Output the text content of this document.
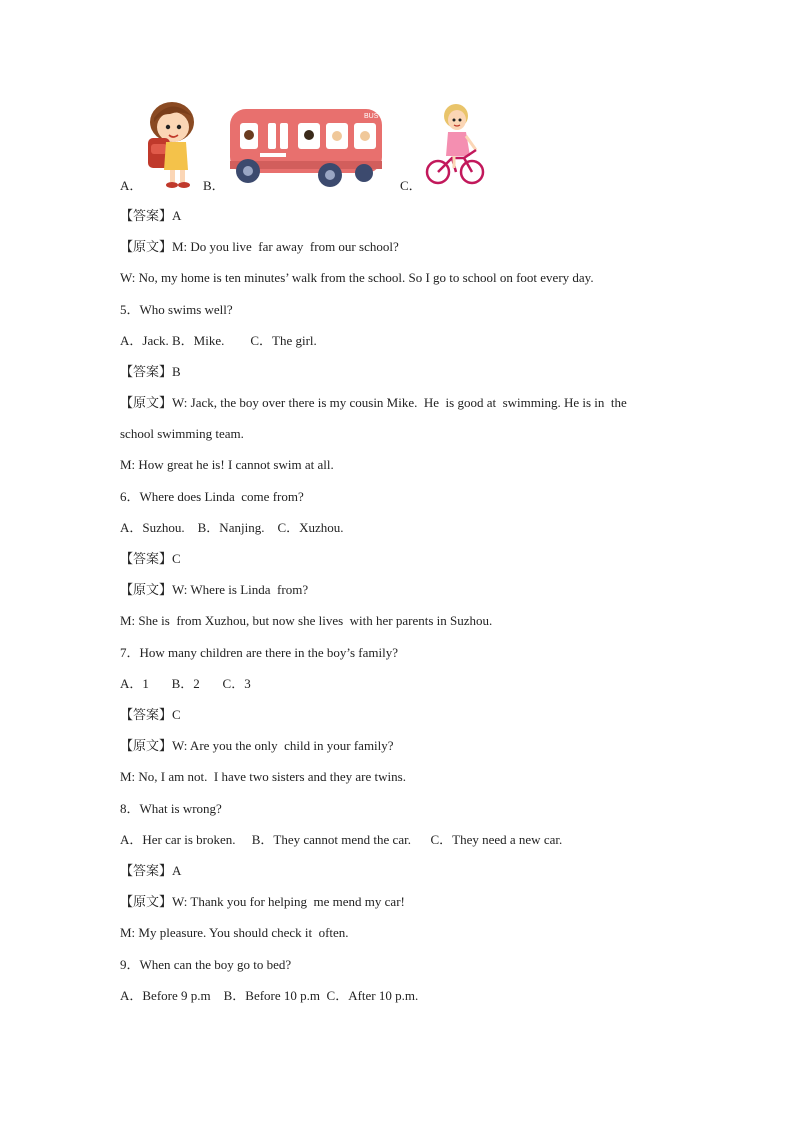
A．	B．	C．
BUS
【答案】A
【原文】M: Do you live  far away  from our school?
W: No, my home is ten minutes’ walk from the school. So I go to school on foot every day.
5．Who swims well?
A．Jack. B．Mike.        C．The girl.
【答案】B
【原文】W: Jack, the boy over there is my cousin Mike.  He  is good at  swimming. He is in  the
school swimming team.
M: How great he is! I cannot swim at all.
6．Where does Linda  come from?
A．Suzhou.    B．Nanjing.    C．Xuzhou.
【答案】C
【原文】W: Where is Linda  from?
M: She is  from Xuzhou, but now she lives  with her parents in Suzhou.
7．How many children are there in the boy’s family?
A．1       B．2       C．3
【答案】C
【原文】W: Are you the only  child in your family?
M: No, I am not.  I have two sisters and they are twins.
8．What is wrong?
A．Her car is broken.     B．They cannot mend the car.      C．They need a new car.
【答案】A
【原文】W: Thank you for helping  me mend my car!
M: My pleasure. You should check it  often.
9．When can the boy go to bed?
A．Before 9 p.m    B．Before 10 p.m  C．After 10 p.m.
